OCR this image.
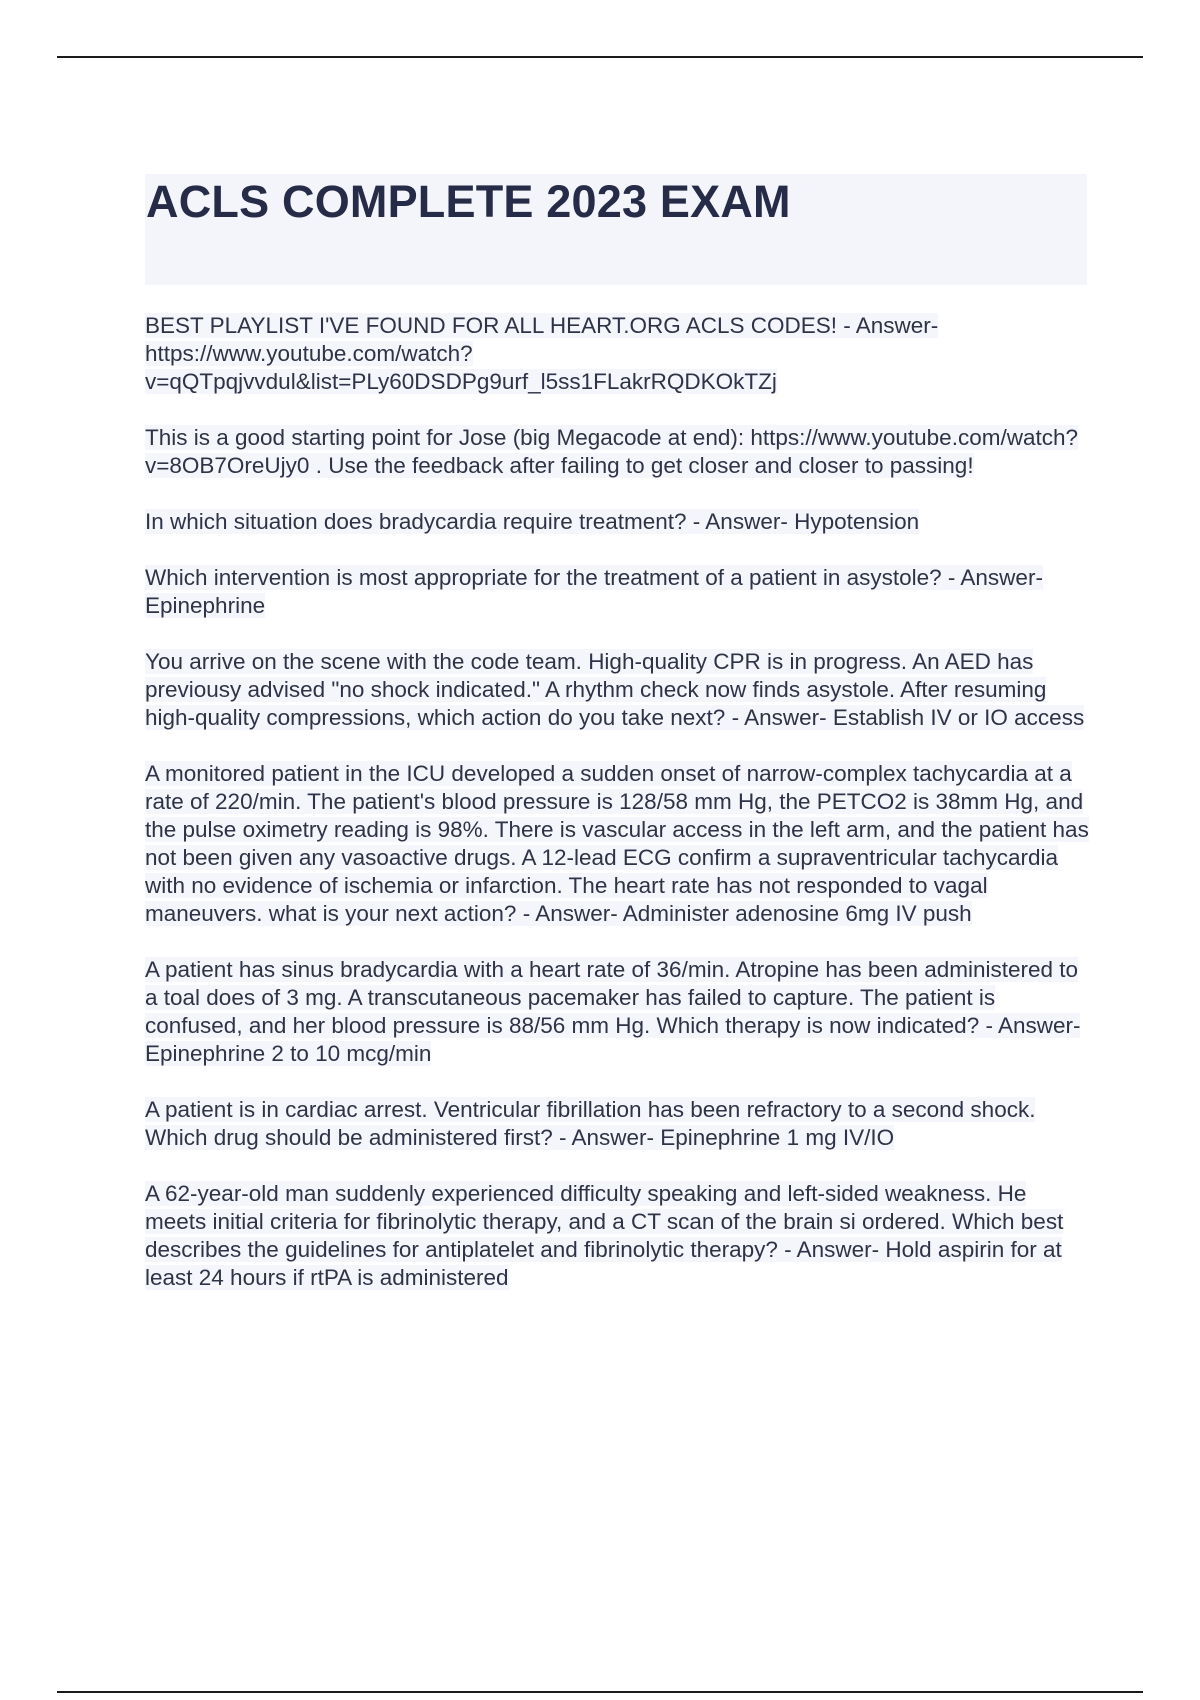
ACLS COMPLETE 2023 EXAM

BEST PLAYLIST I'VE FOUND FOR ALL HEART.ORG ACLS CODES! - Answer- https://www.youtube.com/watch?v=qQTpqjvvdul&list=PLy60DSDPg9urf_l5ss1FLakrRQDKOkTZj

This is a good starting point for Jose (big Megacode at end): https://www.youtube.com/watch?v=8OB7OreUjy0 . Use the feedback after failing to get closer and closer to passing!

In which situation does bradycardia require treatment? - Answer- Hypotension

Which intervention is most appropriate for the treatment of a patient in asystole? - Answer- Epinephrine

You arrive on the scene with the code team. High-quality CPR is in progress. An AED has previousy advised "no shock indicated." A rhythm check now finds asystole. After resuming high-quality compressions, which action do you take next? - Answer- Establish IV or IO access

A monitored patient in the ICU developed a sudden onset of narrow-complex tachycardia at a rate of 220/min. The patient's blood pressure is 128/58 mm Hg, the PETCO2 is 38mm Hg, and the pulse oximetry reading is 98%. There is vascular access in the left arm, and the patient has not been given any vasoactive drugs. A 12-lead ECG confirm a supraventricular tachycardia with no evidence of ischemia or infarction. The heart rate has not responded to vagal maneuvers. what is your next action? - Answer- Administer adenosine 6mg IV push

A patient has sinus bradycardia with a heart rate of 36/min. Atropine has been administered to a toal does of 3 mg. A transcutaneous pacemaker has failed to capture. The patient is confused, and her blood pressure is 88/56 mm Hg. Which therapy is now indicated? - Answer- Epinephrine 2 to 10 mcg/min

A patient is in cardiac arrest. Ventricular fibrillation has been refractory to a second shock. Which drug should be administered first? - Answer- Epinephrine 1 mg IV/IO

A 62-year-old man suddenly experienced difficulty speaking and left-sided weakness. He meets initial criteria for fibrinolytic therapy, and a CT scan of the brain si ordered. Which best describes the guidelines for antiplatelet and fibrinolytic therapy? - Answer- Hold aspirin for at least 24 hours if rtPA is administered
